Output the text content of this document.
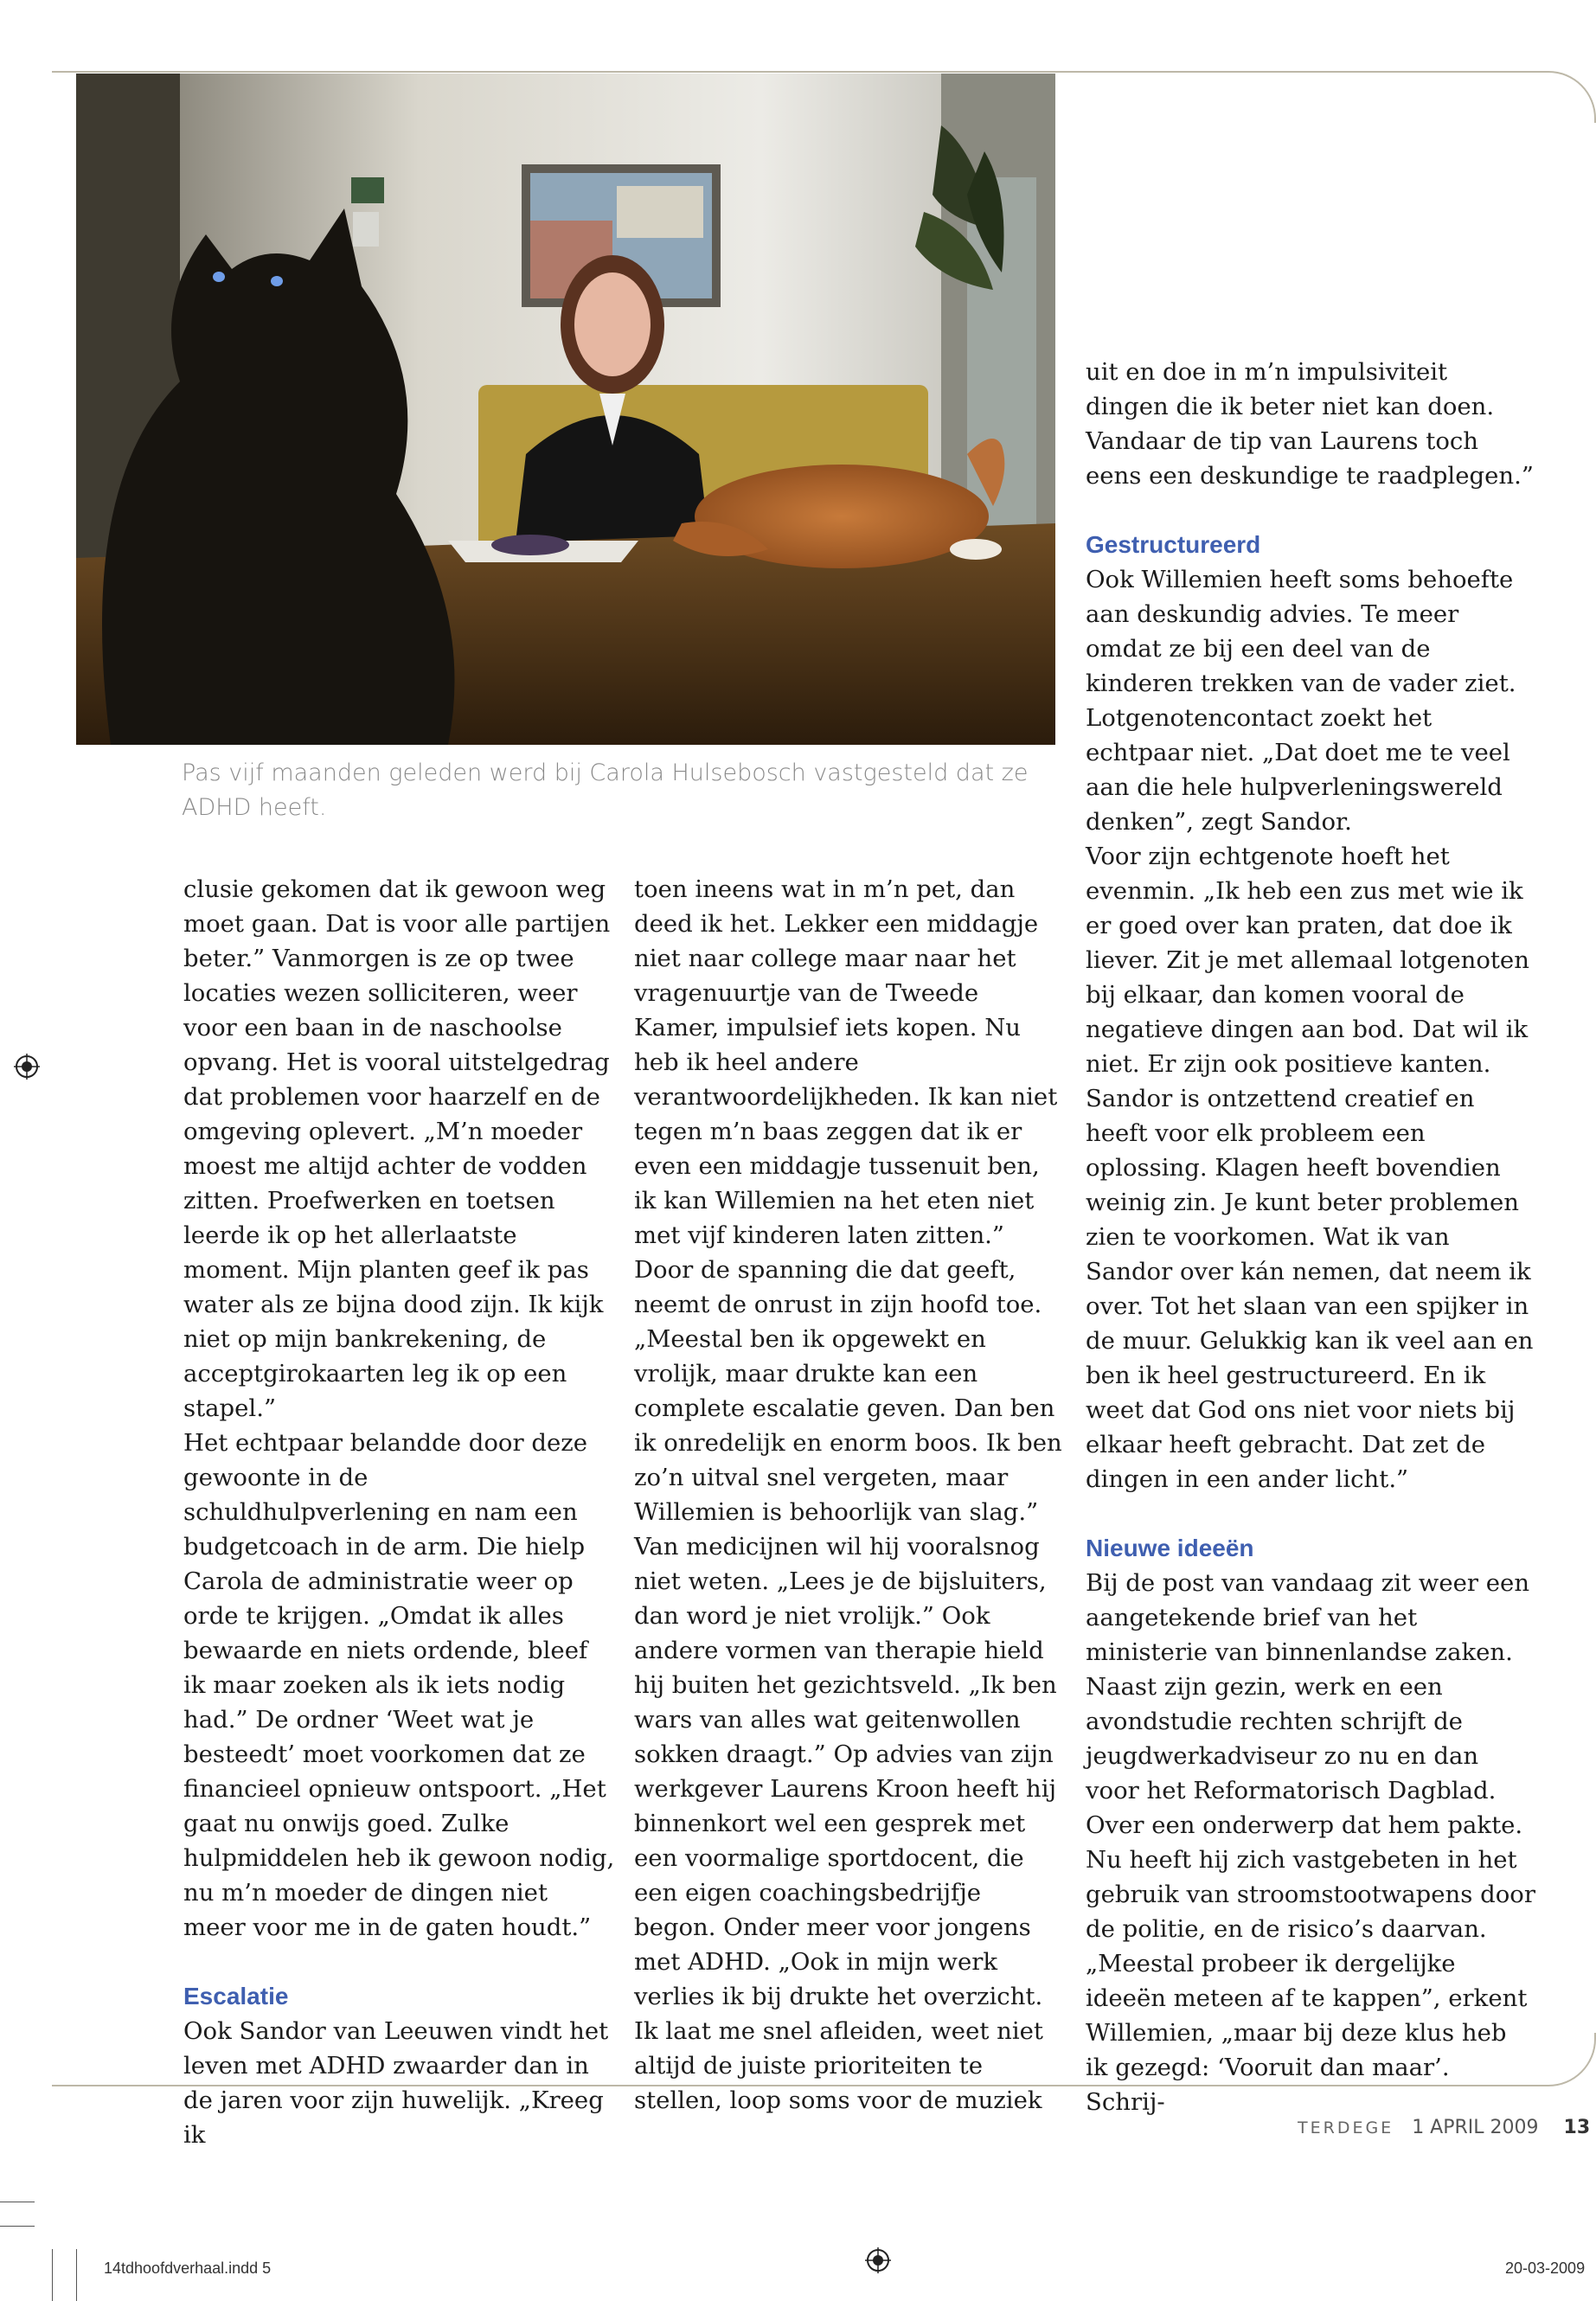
Pas vijf maanden geleden werd bij Carola Hulsebosch vastgesteld dat ze ADHD heeft.

clusie gekomen dat ik gewoon weg moet gaan. Dat is voor alle partijen beter.” Vanmorgen is ze op twee locaties wezen solliciteren, weer voor een baan in de naschoolse opvang. Het is vooral uitstelgedrag dat problemen voor haarzelf en de omgeving oplevert. „M’n moeder moest me altijd achter de vodden zitten. Proefwerken en toetsen leerde ik op het allerlaatste moment. Mijn planten geef ik pas water als ze bijna dood zijn. Ik kijk niet op mijn bankrekening, de acceptgirokaarten leg ik op een stapel.”

Het echtpaar belandde door deze gewoonte in de schuldhulpverlening en nam een budgetcoach in de arm. Die hielp Carola de administratie weer op orde te krijgen. „Omdat ik alles bewaarde en niets ordende, bleef ik maar zoeken als ik iets nodig had.” De ordner ‘Weet wat je besteedt’ moet voorkomen dat ze financieel opnieuw ontspoort. „Het gaat nu onwijs goed. Zulke hulpmiddelen heb ik gewoon nodig, nu m’n moeder de dingen niet meer voor me in de gaten houdt.”

Escalatie

Ook Sandor van Leeuwen vindt het leven met ADHD zwaarder dan in de jaren voor zijn huwelijk. „Kreeg ik

toen ineens wat in m’n pet, dan deed ik het. Lekker een middagje niet naar college maar naar het vragenuurtje van de Tweede Kamer, impulsief iets kopen. Nu heb ik heel andere verantwoordelijkheden. Ik kan niet tegen m’n baas zeggen dat ik er even een middagje tussenuit ben, ik kan Willemien na het eten niet met vijf kinderen laten zitten.”

Door de spanning die dat geeft, neemt de onrust in zijn hoofd toe. „Meestal ben ik opgewekt en vrolijk, maar drukte kan een complete escalatie geven. Dan ben ik onredelijk en enorm boos. Ik ben zo’n uitval snel vergeten, maar Willemien is behoorlijk van slag.”

Van medicijnen wil hij vooralsnog niet weten. „Lees je de bijsluiters, dan word je niet vrolijk.” Ook andere vormen van therapie hield hij buiten het gezichtsveld. „Ik ben wars van alles wat geitenwollen sokken draagt.” Op advies van zijn werkgever Laurens Kroon heeft hij binnenkort wel een gesprek met een voormalige sportdocent, die een eigen coachingsbedrijfje begon. Onder meer voor jongens met ADHD. „Ook in mijn werk verlies ik bij drukte het overzicht. Ik laat me snel afleiden, weet niet altijd de juiste prioriteiten te stellen, loop soms voor de muziek

uit en doe in m’n impulsiviteit dingen die ik beter niet kan doen. Vandaar de tip van Laurens toch eens een deskundige te raadplegen.”

Gestructureerd

Ook Willemien heeft soms behoefte aan deskundig advies. Te meer omdat ze bij een deel van de kinderen trekken van de vader ziet. Lotgenotencontact zoekt het echtpaar niet. „Dat doet me te veel aan die hele hulpverleningswereld denken”, zegt Sandor.

Voor zijn echtgenote hoeft het evenmin. „Ik heb een zus met wie ik er goed over kan praten, dat doe ik liever. Zit je met allemaal lotgenoten bij elkaar, dan komen vooral de negatieve dingen aan bod. Dat wil ik niet. Er zijn ook positieve kanten. Sandor is ontzettend creatief en heeft voor elk probleem een oplossing. Klagen heeft bovendien weinig zin. Je kunt beter problemen zien te voorkomen. Wat ik van Sandor over kán nemen, dat neem ik over. Tot het slaan van een spijker in de muur. Gelukkig kan ik veel aan en ben ik heel gestructureerd. En ik weet dat God ons niet voor niets bij elkaar heeft gebracht. Dat zet de dingen in een ander licht.”

Nieuwe ideeën

Bij de post van vandaag zit weer een aangetekende brief van het ministerie van binnenlandse zaken. Naast zijn gezin, werk en een avondstudie rechten schrijft de jeugdwerkadviseur zo nu en dan voor het Reformatorisch Dagblad. Over een onderwerp dat hem pakte. Nu heeft hij zich vastgebeten in het gebruik van stroomstootwapens door de politie, en de risico’s daarvan.

„Meestal probeer ik dergelijke ideeën meteen af te kappen”, erkent Willemien, „maar bij deze klus heb ik gezegd: ‘Vooruit dan maar’. Schrij-

TERDEGE 1 APRIL 2009 13
14tdhoofdverhaal.indd 5	20-03-2009
